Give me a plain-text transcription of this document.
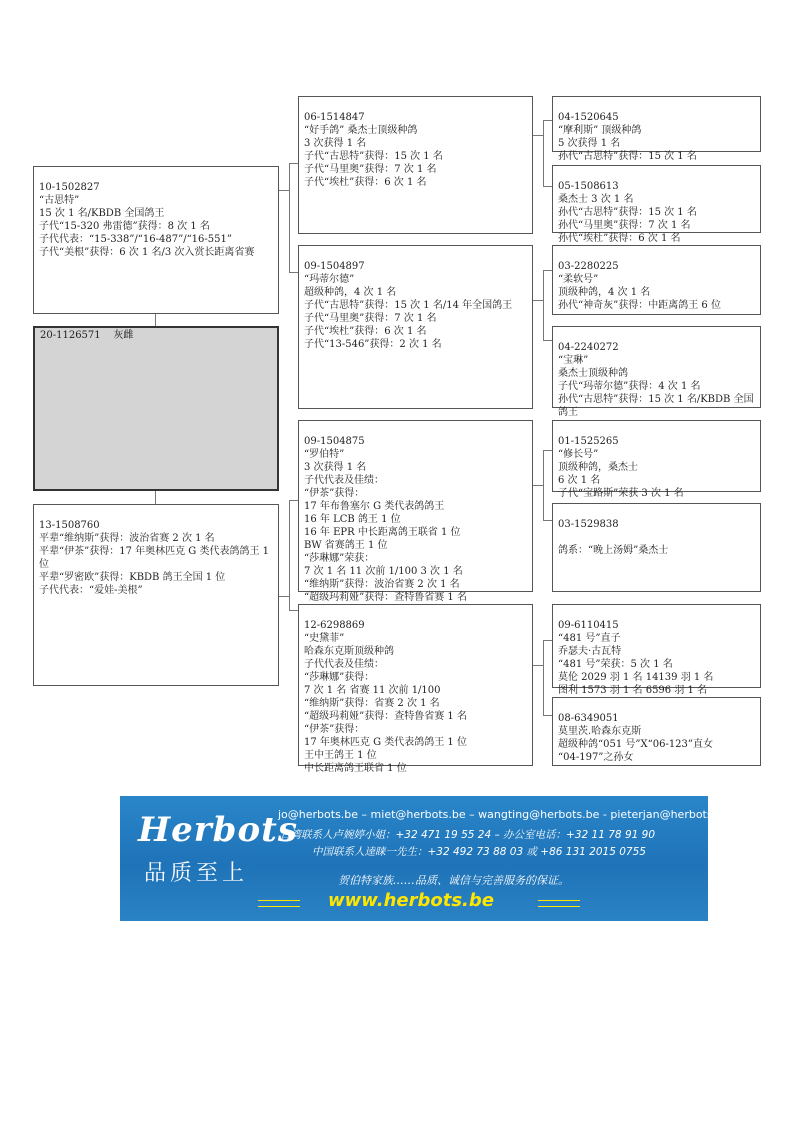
10-1502827
“古思特”
15 次 1 名/KBDB 全国鸽王
子代“15-320 弗雷德”获得：8 次 1 名
子代代表：“15-338”/“16-487”/“16-551”
子代“美根”获得：6 次 1 名/3 次入赏长距离省赛

20-1126571 灰雌

13-1508760
平辈“维纳斯”获得：波治省赛 2 次 1 名
平辈“伊茶”获得：17 年奥林匹克 G 类代表鸽鸽王 1 位
平辈“罗密欧”获得：KBDB 鸽王全国 1 位
子代代表：“爱娃-美根”

06-1514847
“好手鸽” 桑杰士顶级种鸽
3 次获得 1 名
子代“古思特”获得：15 次 1 名
子代“马里奥”获得：7 次 1 名
子代“埃杜”获得：6 次 1 名

09-1504897
“玛蒂尔德”
超级种鸽，4 次 1 名
子代“古思特”获得：15 次 1 名/14 年全国鸽王
子代“马里奥”获得：7 次 1 名
子代“埃杜”获得：6 次 1 名
子代“13-546”获得：2 次 1 名

09-1504875
“罗伯特”
3 次获得 1 名
子代代表及佳绩：
“伊茶”获得：
17 年布鲁塞尔 G 类代表鸽鸽王
16 年 LCB 鸽王 1 位
16 年 EPR 中长距离鸽王联省 1 位
BW 省赛鸽王 1 位
“莎琳娜”荣获：
7 次 1 名 11 次前 1/100 3 次 1 名
“维纳斯”获得：波治省赛 2 次 1 名
“超级玛莉娅”获得：查特鲁省赛 1 名

12-6298869
“史黛菲”
哈森东克斯顶级种鸽
子代代表及佳绩：
“莎琳娜”获得：
7 次 1 名 省赛 11 次前 1/100
“维纳斯”获得：省赛 2 次 1 名
“超级玛莉娅”获得：查特鲁省赛 1 名
“伊茶”获得：
17 年奥林匹克 G 类代表鸽鸽王 1 位
王中王鸽王 1 位
中长距离鸽王联省 1 位

04-1520645
“摩利斯” 顶级种鸽
5 次获得 1 名
孙代“古思特”获得：15 次 1 名

05-1508613
桑杰士 3 次 1 名
孙代“古思特”获得：15 次 1 名
孙代“马里奥”获得：7 次 1 名
孙代“埃杜”获得：6 次 1 名

03-2280225
“柔软号”
顶级种鸽，4 次 1 名
孙代“神奇灰”获得：中距离鸽王 6 位

04-2240272
“宝琳”
桑杰士顶级种鸽
子代“玛蒂尔德”获得：4 次 1 名
孙代“古思特”获得：15 次 1 名/KBDB 全国鸽王

01-1525265
“修长号”
顶级种鸽，桑杰士
6 次 1 名
子代“宝路斯”荣获 3 次 1 名

03-1529838

鸽系：“晚上汤姆”桑杰士

09-6110415
“481 号”直子
乔瑟夫·古瓦特
“481 号”荣获：5 次 1 名
莫伦 2029 羽 1 名 14139 羽 1 名
图利 1573 羽 1 名 6596 羽 1 名

08-6349051
莫里茨.哈森东克斯
超级种鸽“051 号”X“06-123”直女
“04-197”之孙女

Herbots
品质至上
jo@herbots.be – miet@herbots.be – wangting@herbots.be - pieterjan@herbots.be
台湾联系人卢婉婷小姐：+32 471 19 55 24 – 办公室电话：+32 11 78 91 90
中国联系人逵睐一先生：+32 492 73 88 03 或 +86 131 2015 0755
贺伯特家族……品质、诚信与完善服务的保证。
www.herbots.be
